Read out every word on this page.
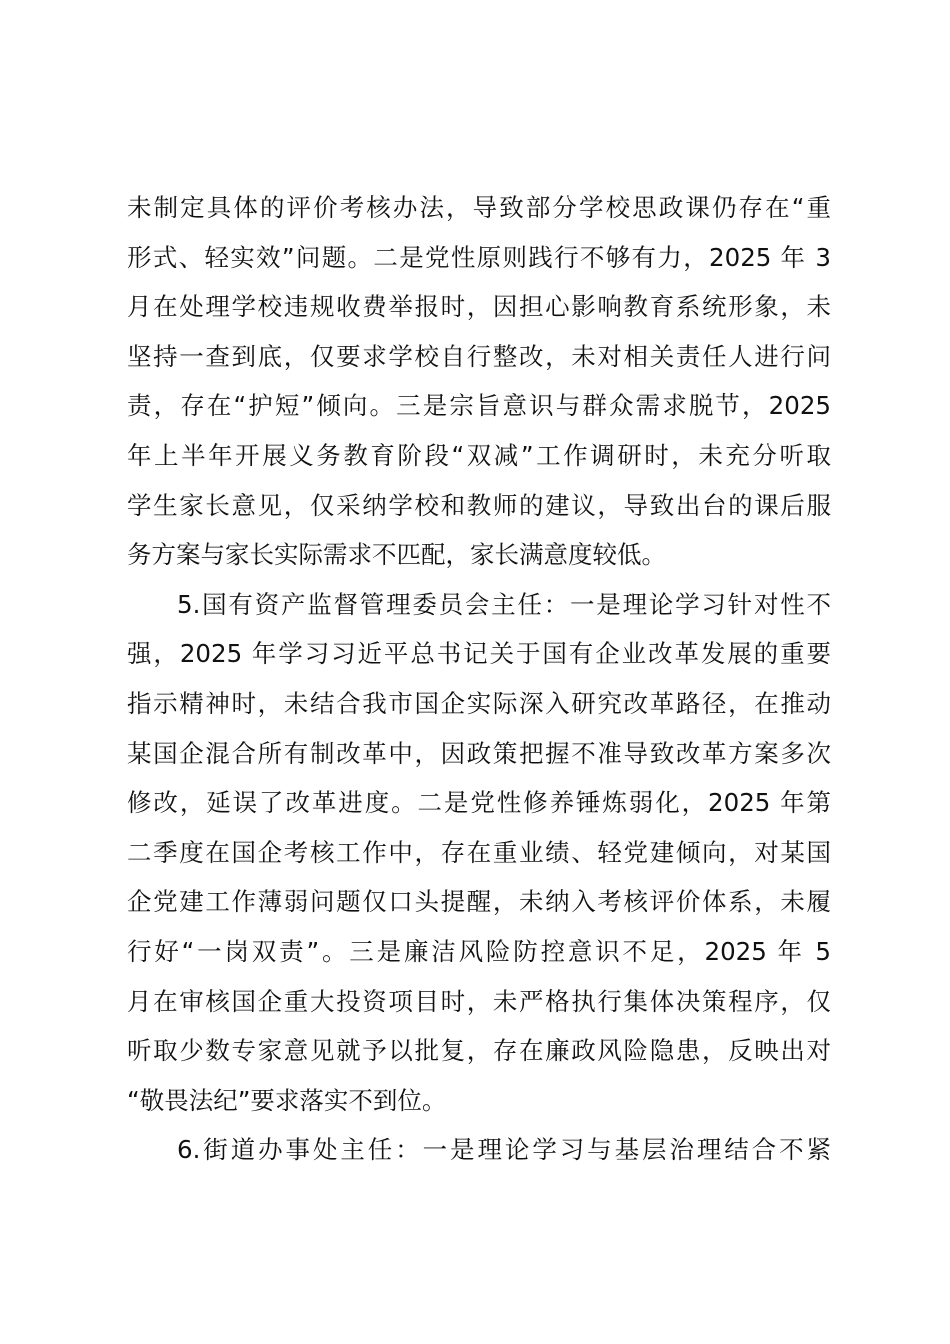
未制定具体的评价考核办法，导致部分学校思政课仍存在“重
形式、轻实效”问题。二是党性原则践行不够有力，2025 年 3
月在处理学校违规收费举报时，因担心影响教育系统形象，未
坚持一查到底，仅要求学校自行整改，未对相关责任人进行问
责，存在“护短”倾向。三是宗旨意识与群众需求脱节，2025
年上半年开展义务教育阶段“双减”工作调研时，未充分听取
学生家长意见，仅采纳学校和教师的建议，导致出台的课后服
务方案与家长实际需求不匹配，家长满意度较低。
5.国有资产监督管理委员会主任：一是理论学习针对性不
强，2025 年学习习近平总书记关于国有企业改革发展的重要
指示精神时，未结合我市国企实际深入研究改革路径，在推动
某国企混合所有制改革中，因政策把握不准导致改革方案多次
修改，延误了改革进度。二是党性修养锤炼弱化，2025 年第
二季度在国企考核工作中，存在重业绩、轻党建倾向，对某国
企党建工作薄弱问题仅口头提醒，未纳入考核评价体系，未履
行好“一岗双责”。三是廉洁风险防控意识不足，2025 年 5
月在审核国企重大投资项目时，未严格执行集体决策程序，仅
听取少数专家意见就予以批复，存在廉政风险隐患，反映出对
“敬畏法纪”要求落实不到位。
6.街道办事处主任：一是理论学习与基层治理结合不紧
